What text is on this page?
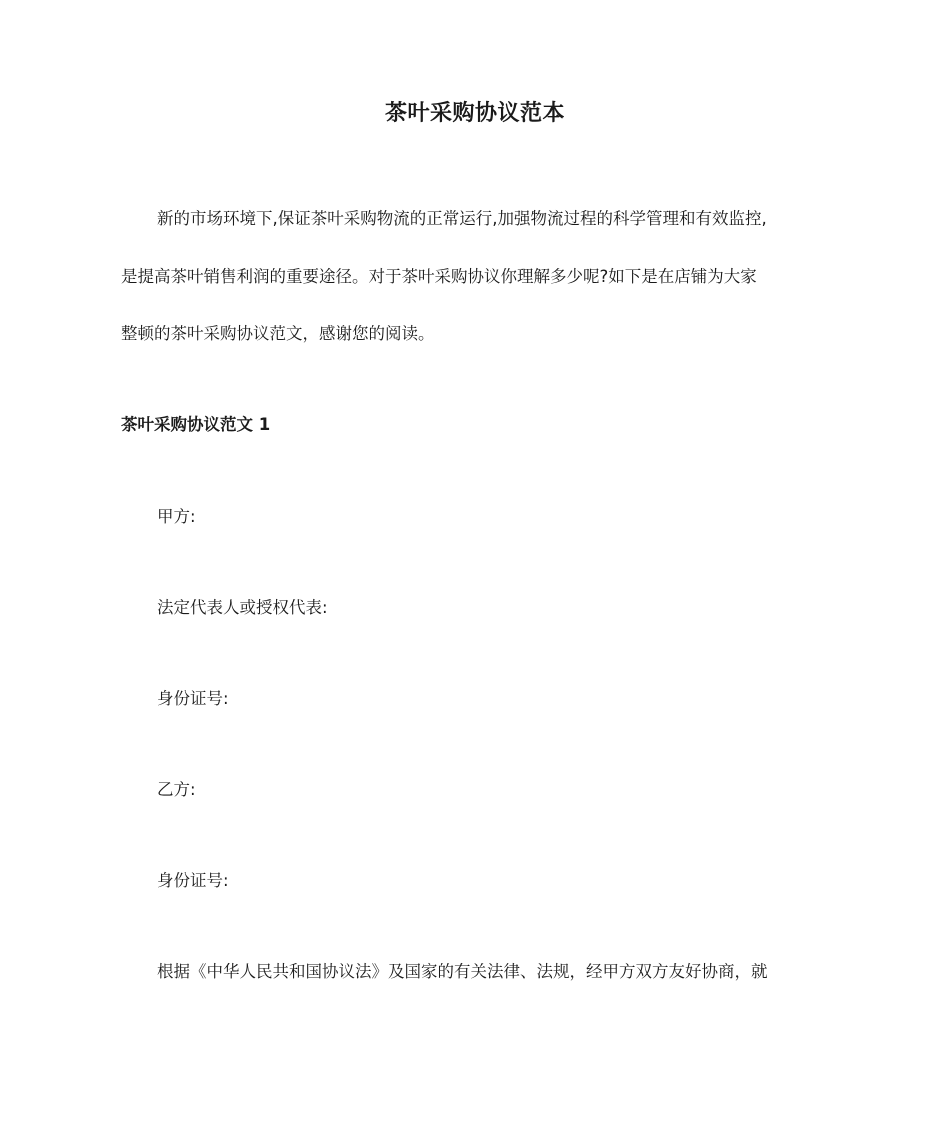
茶叶采购协议范本
新的市场环境下,保证茶叶采购物流的正常运行,加强物流过程的科学管理和有效监控,
是提高茶叶销售利润的重要途径。对于茶叶采购协议你理解多少呢?如下是在店铺为大家
整顿的茶叶采购协议范文，感谢您的阅读。
茶叶采购协议范文 1
甲方:
法定代表人或授权代表:
身份证号:
乙方:
身份证号:
根据《中华人民共和国协议法》及国家的有关法律、法规，经甲方双方友好协商，就
